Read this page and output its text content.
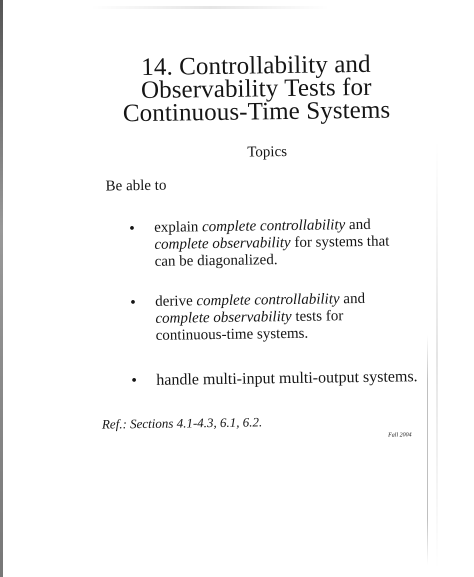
14. Controllability and
Observability Tests for
Continuous-Time Systems
Topics
Be able to
• explain complete controllability and
complete observability for systems that
can be diagonalized.
• derive complete controllability and
complete observability tests for
continuous-time systems.
• handle multi-input multi-output systems.
Ref.: Sections 4.1-4.3, 6.1, 6.2.
Fall 2004
